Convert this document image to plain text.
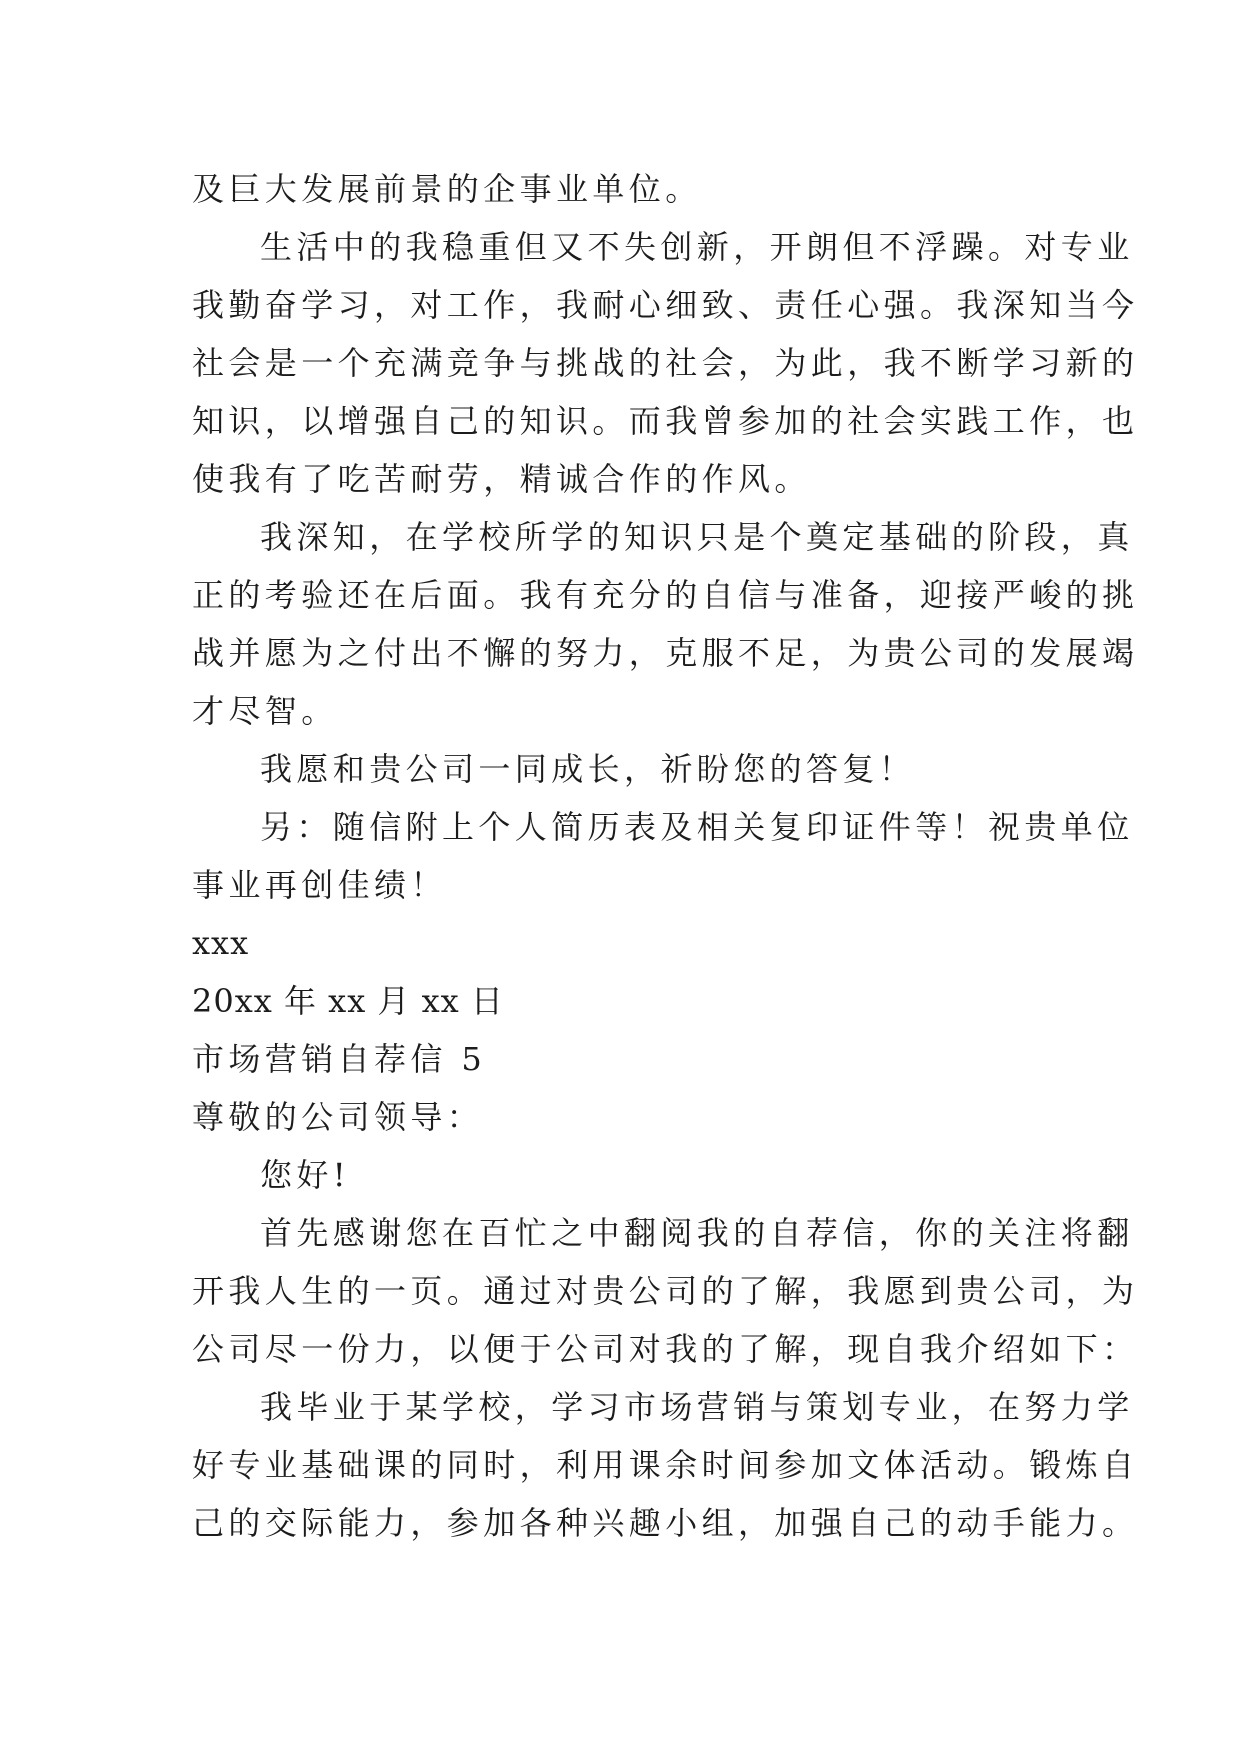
及巨大发展前景的企事业单位。

生活中的我稳重但又不失创新，开朗但不浮躁。对专业

我勤奋学习，对工作，我耐心细致、责任心强。我深知当今

社会是一个充满竞争与挑战的社会，为此，我不断学习新的

知识，以增强自己的知识。而我曾参加的社会实践工作，也

使我有了吃苦耐劳，精诚合作的作风。

我深知，在学校所学的知识只是个奠定基础的阶段，真

正的考验还在后面。我有充分的自信与准备，迎接严峻的挑

战并愿为之付出不懈的努力，克服不足，为贵公司的发展竭

才尽智。

我愿和贵公司一同成长，祈盼您的答复！

另：随信附上个人简历表及相关复印证件等！祝贵单位

事业再创佳绩！

xxx

20xx 年 xx 月 xx 日

市场营销自荐信 5

尊敬的公司领导：

您好!

首先感谢您在百忙之中翻阅我的自荐信，你的关注将翻

开我人生的一页。通过对贵公司的了解，我愿到贵公司，为

公司尽一份力，以便于公司对我的了解，现自我介绍如下：

我毕业于某学校，学习市场营销与策划专业，在努力学

好专业基础课的同时，利用课余时间参加文体活动。锻炼自

己的交际能力，参加各种兴趣小组，加强自己的动手能力。
